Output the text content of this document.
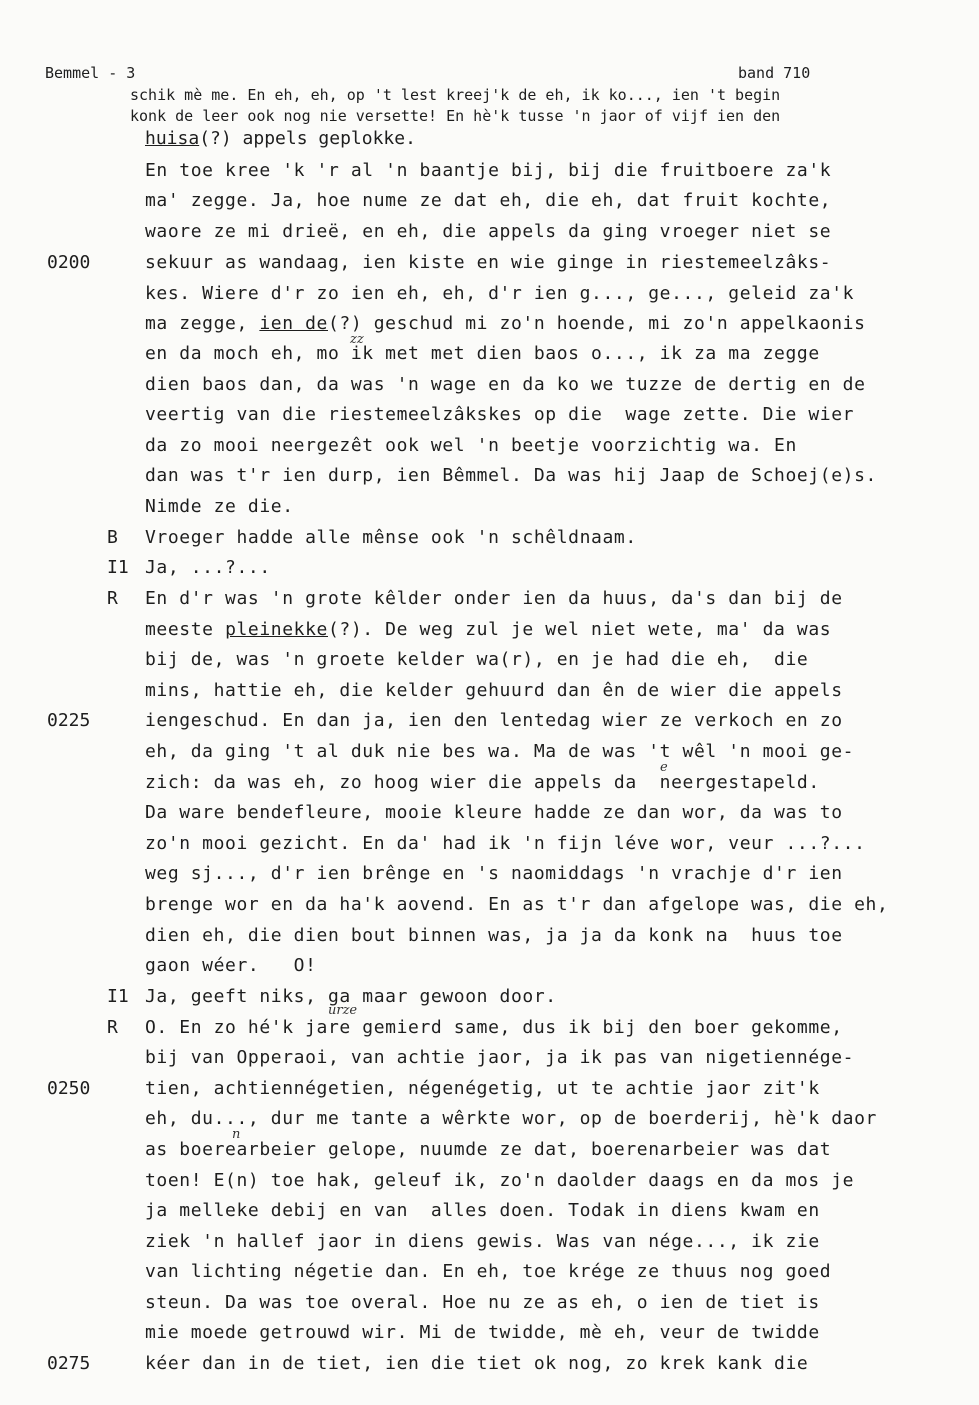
Bemmel - 3	band 710
schik mè me. En eh, eh, op 't lest kreej'k de eh, ik ko..., ien 't begin
konk de leer ook nog nie versette! En hè'k tusse 'n jaor of vijf ien den
huisa(?) appels geplokke.
En toe kree 'k 'r al 'n baantje bij, bij die fruitboere za'k
ma' zegge. Ja, hoe nume ze dat eh, die eh, dat fruit kochte,
waore ze mi drieë, en eh, die appels da ging vroeger niet se
sekuur as wandaag, ien kiste en wie ginge in riestemeelzâks-
kes. Wiere d'r zo ien eh, eh, d'r ien g..., ge..., geleid za'k
ma zegge, ien de(?) geschud mi zo'n hoende, mi zo'n appelkaonis
en da moch eh, mo ik met met dien baos o..., ik za ma zegge
dien baos dan, da was 'n wage en da ko we tuzze de dertig en de
veertig van die riestemeelzâkskes op die  wage zette. Die wier
da zo mooi neergezêt ook wel 'n beetje voorzichtig wa. En
dan was t'r ien durp, ien Bêmmel. Da was hij Jaap de Schoej(e)s.
Nimde ze die.
Vroeger hadde alle mênse ook 'n schêldnaam.
Ja, ...?...
En d'r was 'n grote kêlder onder ien da huus, da's dan bij de
meeste pleinekke(?). De weg zul je wel niet wete, ma' da was
bij de, was 'n groete kelder wa(r), en je had die eh,  die
mins, hattie eh, die kelder gehuurd dan ên de wier die appels
iengeschud. En dan ja, ien den lentedag wier ze verkoch en zo
eh, da ging 't al duk nie bes wa. Ma de was 't wêl 'n mooi ge-
zich: da was eh, zo hoog wier die appels da  neergestapeld.
Da ware bendefleure, mooie kleure hadde ze dan wor, da was to
zo'n mooi gezicht. En da' had ik 'n fijn léve wor, veur ...?...
weg sj..., d'r ien brênge en 's naomiddags 'n vrachje d'r ien
brenge wor en da ha'k aovend. En as t'r dan afgelope was, die eh,
dien eh, die dien bout binnen was, ja ja da konk na  huus toe
gaon wéer.   O!
Ja, geeft niks, ga maar gewoon door.
O. En zo hé'k jare gemierd same, dus ik bij den boer gekomme,
bij van Opperaoi, van achtie jaor, ja ik pas van nigetiennége-
tien, achtiennégetien, négenégetig, ut te achtie jaor zit'k
eh, du..., dur me tante a wêrkte wor, op de boerderij, hè'k daor
as boerearbeier gelope, nuumde ze dat, boerenarbeier was dat
toen! E(n) toe hak, geleuf ik, zo'n daolder daags en da mos je
ja melleke debij en van  alles doen. Todak in diens kwam en
ziek 'n hallef jaor in diens gewis. Was van nége..., ik zie
van lichting négetie dan. En eh, toe krége ze thuus nog goed
steun. Da was toe overal. Hoe nu ze as eh, o ien de tiet is
mie moede getrouwd wir. Mi de twidde, mè eh, veur de twidde
kéer dan in de tiet, ien die tiet ok nog, zo krek kank die
B
I1
R
I1
R
0200
0225
0250
0275
zz
urze
e
n
